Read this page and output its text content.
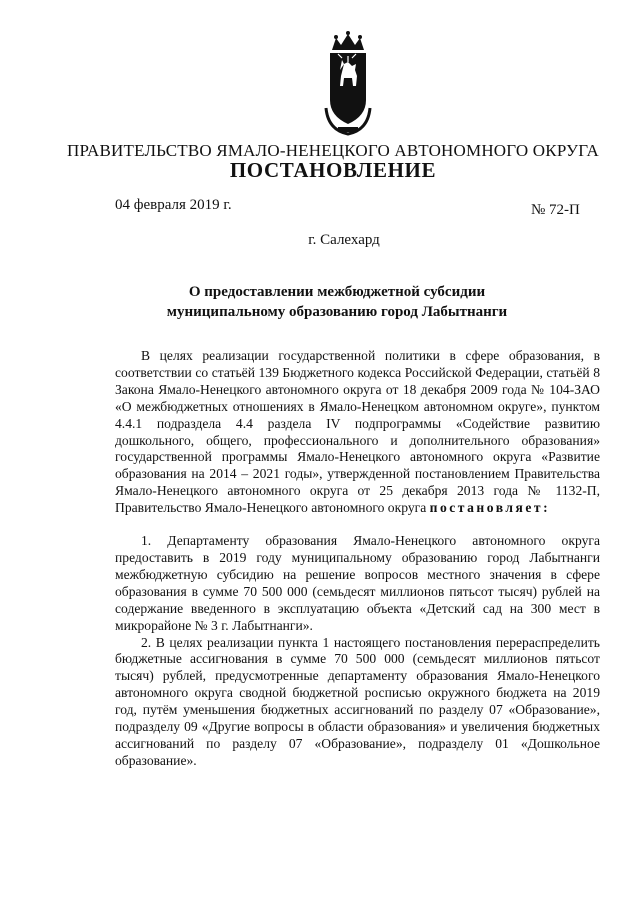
ПРАВИТЕЛЬСТВО ЯМАЛО-НЕНЕЦКОГО АВТОНОМНОГО ОКРУГА
ПОСТАНОВЛЕНИЕ
04 февраля 2019 г.	№ 72-П
г. Салехард
О предоставлении межбюджетной субсидии
муниципальному образованию город Лабытнанги

В целях реализации государственной политики в сфере образования, в соответствии со статьёй 139 Бюджетного кодекса Российской Федерации, статьёй 8 Закона Ямало-Ненецкого автономного округа от 18 декабря 2009 года № 104-ЗАО «О межбюджетных отношениях в Ямало-Ненецком автономном округе», пунктом 4.4.1 подраздела 4.4 раздела IV подпрограммы «Содействие развитию дошкольного, общего, профессионального и дополнительного образования» государственной программы Ямало-Ненецкого автономного округа «Развитие образования на 2014 – 2021 годы», утвержденной постановлением Правительства Ямало-Ненецкого автономного округа от 25 декабря 2013 года № 1132-П, Правительство Ямало-Ненецкого автономного округа постановляет:

1. Департаменту образования Ямало-Ненецкого автономного округа предоставить в 2019 году муниципальному образованию город Лабытнанги межбюджетную субсидию на решение вопросов местного значения в сфере образования в сумме 70 500 000 (семьдесят миллионов пятьсот тысяч) рублей на содержание введенного в эксплуатацию объекта «Детский сад на 300 мест в микрорайоне № 3 г. Лабытнанги».

2. В целях реализации пункта 1 настоящего постановления перераспределить бюджетные ассигнования в сумме 70 500 000 (семьдесят миллионов пятьсот тысяч) рублей, предусмотренные департаменту образования Ямало-Ненецкого автономного округа сводной бюджетной росписью окружного бюджета на 2019 год, путём уменьшения бюджетных ассигнований по разделу 07 «Образование», подразделу 09 «Другие вопросы в области образования» и увеличения бюджетных ассигнований по разделу 07 «Образование», подразделу 01 «Дошкольное образование».
